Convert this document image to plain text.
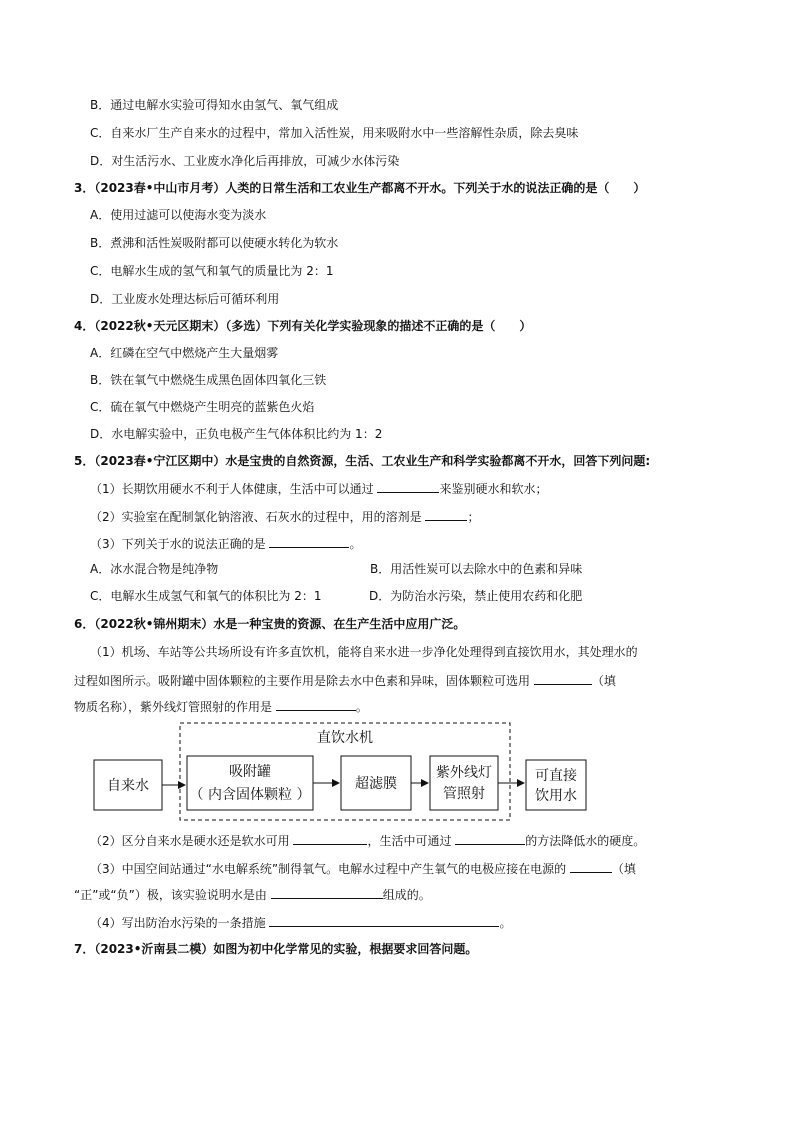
B．通过电解水实验可得知水由氢气、氧气组成
C．自来水厂生产自来水的过程中，常加入活性炭，用来吸附水中一些溶解性杂质，除去臭味
D．对生活污水、工业废水净化后再排放，可减少水体污染
3．（2023春•中山市月考）人类的日常生活和工农业生产都离不开水。下列关于水的说法正确的是（　　）
A．使用过滤可以使海水变为淡水
B．煮沸和活性炭吸附都可以使硬水转化为软水
C．电解水生成的氢气和氧气的质量比为 2：1
D．工业废水处理达标后可循环利用
4．（2022秋•天元区期末）（多选）下列有关化学实验现象的描述不正确的是（　　）
A．红磷在空气中燃烧产生大量烟雾
B．铁在氧气中燃烧生成黑色固体四氧化三铁
C．硫在氧气中燃烧产生明亮的蓝紫色火焰
D．水电解实验中，正负电极产生气体体积比约为 1：2
5．（2023春•宁江区期中）水是宝贵的自然资源，生活、工农业生产和科学实验都离不开水，回答下列问题:
（1）长期饮用硬水不利于人体健康，生活中可以通过	来鉴别硬水和软水；
（2）实验室在配制氯化钠溶液、石灰水的过程中，用的溶剂是	；
（3）下列关于水的说法正确的是	。
A．冰水混合物是纯净物	B．用活性炭可以去除水中的色素和异味
C．电解水生成氢气和氧气的体积比为 2：1	D．为防治水污染，禁止使用农药和化肥
6．（2022秋•锦州期末）水是一种宝贵的资源、在生产生活中应用广泛。
（1）机场、车站等公共场所设有许多直饮机，能将自来水进一步净化处理得到直接饮用水，其处理水的
过程如图所示。吸附罐中固体颗粒的主要作用是除去水中色素和异味，固体颗粒可选用	（填
物质名称），紫外线灯管照射的作用是	。
直饮水机
自来水
吸附罐
（ 内含固体颗粒 ）
超滤膜
紫外线灯
管照射
可直接
饮用水
（2）区分自来水是硬水还是软水可用	，生活中可通过	的方法降低水的硬度。
（3）中国空间站通过“水电解系统”制得氧气。电解水过程中产生氧气的电极应接在电源的	（填
“正”或“负”）极，该实验说明水是由	组成的。
（4）写出防治水污染的一条措施	。
7．（2023•沂南县二模）如图为初中化学常见的实验，根据要求回答问题。
